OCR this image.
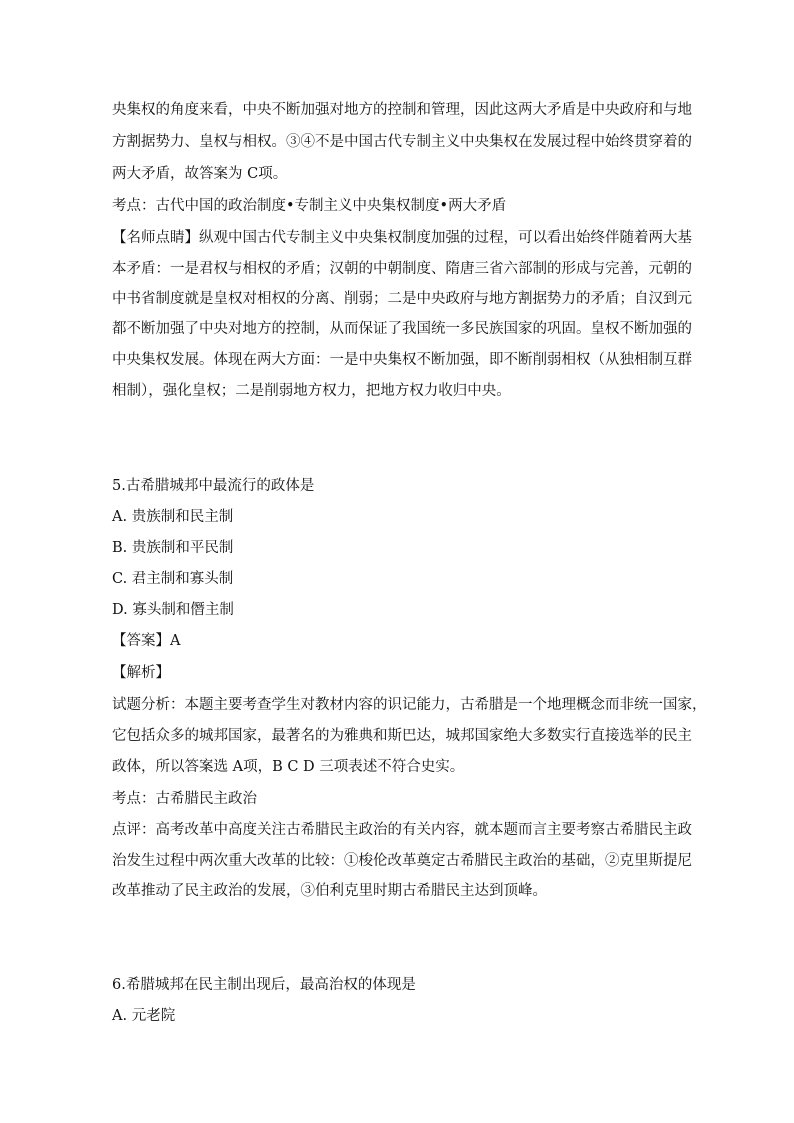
央集权的角度来看，中央不断加强对地方的控制和管理，因此这两大矛盾是中央政府和与地
方割据势力、皇权与相权。③④不是中国古代专制主义中央集权在发展过程中始终贯穿着的
两大矛盾，故答案为 C项。
考点：古代中国的政治制度•专制主义中央集权制度•两大矛盾
【名师点睛】纵观中国古代专制主义中央集权制度加强的过程，可以看出始终伴随着两大基
本矛盾：一是君权与相权的矛盾；汉朝的中朝制度、隋唐三省六部制的形成与完善，元朝的
中书省制度就是皇权对相权的分离、削弱；二是中央政府与地方割据势力的矛盾；自汉到元
都不断加强了中央对地方的控制，从而保证了我国统一多民族国家的巩固。皇权不断加强的
中央集权发展。体现在两大方面：一是中央集权不断加强，即不断削弱相权（从独相制互群
相制），强化皇权；二是削弱地方权力，把地方权力收归中央。
5.古希腊城邦中最流行的政体是
A. 贵族制和民主制
B. 贵族制和平民制
C. 君主制和寡头制
D. 寡头制和僭主制
【答案】A
【解析】
试题分析：本题主要考查学生对教材内容的识记能力，古希腊是一个地理概念而非统一国家，
它包括众多的城邦国家，最著名的为雅典和斯巴达，城邦国家绝大多数实行直接选举的民主
政体，所以答案选 A项，B C D 三项表述不符合史实。
考点：古希腊民主政治
点评：高考改革中高度关注古希腊民主政治的有关内容，就本题而言主要考察古希腊民主政
治发生过程中两次重大改革的比较：①梭伦改革奠定古希腊民主政治的基础，②克里斯提尼
改革推动了民主政治的发展，③伯利克里时期古希腊民主达到顶峰。
6.希腊城邦在民主制出现后，最高治权的体现是
A. 元老院
